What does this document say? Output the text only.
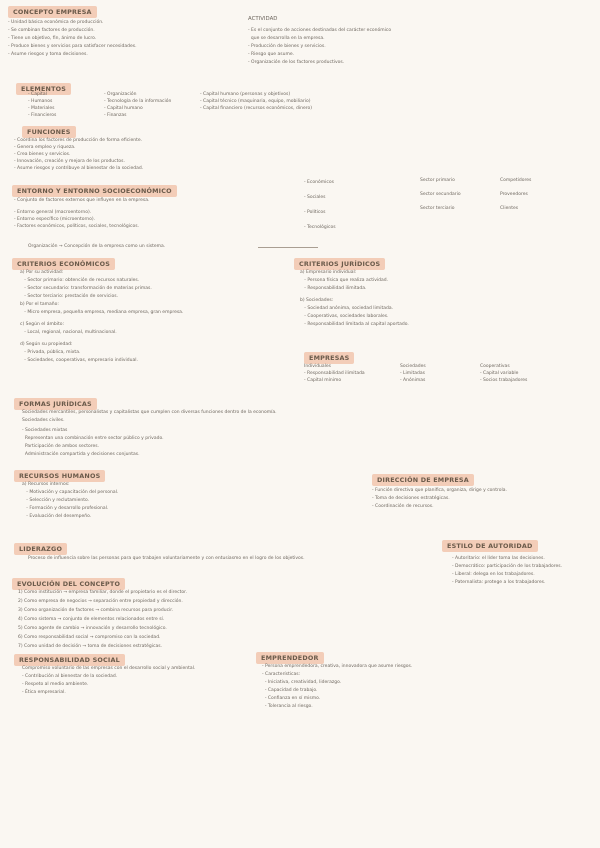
CONCEPTO EMPRESA
- Unidad básica económica de producción.
- Se combinan factores de producción.
- Tiene un objetivo, fin, ánimo de lucro.
- Produce bienes y servicios para satisfacer necesidades.
- Asume riesgos y toma decisiones.
ACTIVIDAD
- Es el conjunto de acciones destinadas del carácter económico
que se desarrolla en la empresa.
- Producción de bienes y servicios.
- Riesgo que asume.
- Organización de los factores productivos.
ELEMENTOS
- Capital
- Humanos
- Materiales
- Financieros
- Organización
- Tecnología de la información
- Capital humano
- Finanzas
- Capital humano (personas y objetivos)
- Capital técnico (maquinaria, equipo, mobiliario)
- Capital financiero (recursos económicos, dinero)
FUNCIONES
- Coordina los factores de producción de forma eficiente.
- Genera empleo y riqueza.
- Crea bienes y servicios.
- Innovación, creación y mejora de los productos.
- Asume riesgos y contribuye al bienestar de la sociedad.
ENTORNO Y ENTORNO SOCIOECONÓMICO
- Conjunto de factores externos que influyen en la empresa.
- Entorno general (macroentorno).
- Entorno específico (microentorno).
- Factores económicos, políticos, sociales, tecnológicos.
- Económicos
- Sociales
- Políticos
- Tecnológicos
Sector primario
Sector secundario
Sector terciario
Competidores
Proveedores
Clientes
Organización → Concepción de la empresa como un sistema.
CRITERIOS ECONÓMICOS
a) Por su actividad:
- Sector primario: obtención de recursos naturales.
- Sector secundario: transformación de materias primas.
- Sector terciario: prestación de servicios.
b) Por el tamaño:
- Micro empresa, pequeña empresa, mediana empresa, gran empresa.
c) Según el ámbito:
- Local, regional, nacional, multinacional.
d) Según su propiedad:
- Privada, pública, mixta.
- Sociedades, cooperativas, empresario individual.
CRITERIOS JURÍDICOS
a) Empresario individual:
- Persona física que realiza actividad.
- Responsabilidad ilimitada.
b) Sociedades:
- Sociedad anónima, sociedad limitada.
- Cooperativas, sociedades laborales.
- Responsabilidad limitada al capital aportado.
EMPRESAS
Individuales
- Responsabilidad ilimitada
- Capital mínimo
Sociedades
- Limitadas
- Anónimas
Cooperativas
- Capital variable
- Socios trabajadores
FORMAS JURÍDICAS
Sociedades mercantiles, personalistas y capitalistas que cumplen con diversas funciones dentro de la economía.
Sociedades civiles.
- Sociedades mixtas
Representan una combinación entre sector público y privado.
Participación de ambos sectores.
Administración compartida y decisiones conjuntas.
RECURSOS HUMANOS
a) Recursos internos:
- Motivación y capacitación del personal.
- Selección y reclutamiento.
- Formación y desarrollo profesional.
- Evaluación del desempeño.
DIRECCIÓN DE EMPRESA
- Función directiva que planifica, organiza, dirige y controla.
- Toma de decisiones estratégicas.
- Coordinación de recursos.
LIDERAZGO
Proceso de influencia sobre las personas para que trabajen voluntariamente y con entusiasmo en el logro de los objetivos.
ESTILO DE AUTORIDAD
- Autoritario: el líder toma las decisiones.
- Democrático: participación de los trabajadores.
- Liberal: delega en los trabajadores.
- Paternalista: protege a los trabajadores.
EVOLUCIÓN DEL CONCEPTO
1) Como institución → empresa familiar, donde el propietario es el director.
2) Como empresa de negocios → separación entre propiedad y dirección.
3) Como organización de factores → combina recursos para producir.
4) Como sistema → conjunto de elementos relacionados entre sí.
5) Como agente de cambio → innovación y desarrollo tecnológico.
6) Como responsabilidad social → compromiso con la sociedad.
7) Como unidad de decisión → toma de decisiones estratégicas.
RESPONSABILIDAD SOCIAL
Compromiso voluntario de las empresas con el desarrollo social y ambiental.
- Contribución al bienestar de la sociedad.
- Respeto al medio ambiente.
- Ética empresarial.
EMPRENDEDOR
- Persona emprendedora, creativa, innovadora que asume riesgos.
- Características:
- Iniciativa, creatividad, liderazgo.
- Capacidad de trabajo.
- Confianza en sí mismo.
- Tolerancia al riesgo.
